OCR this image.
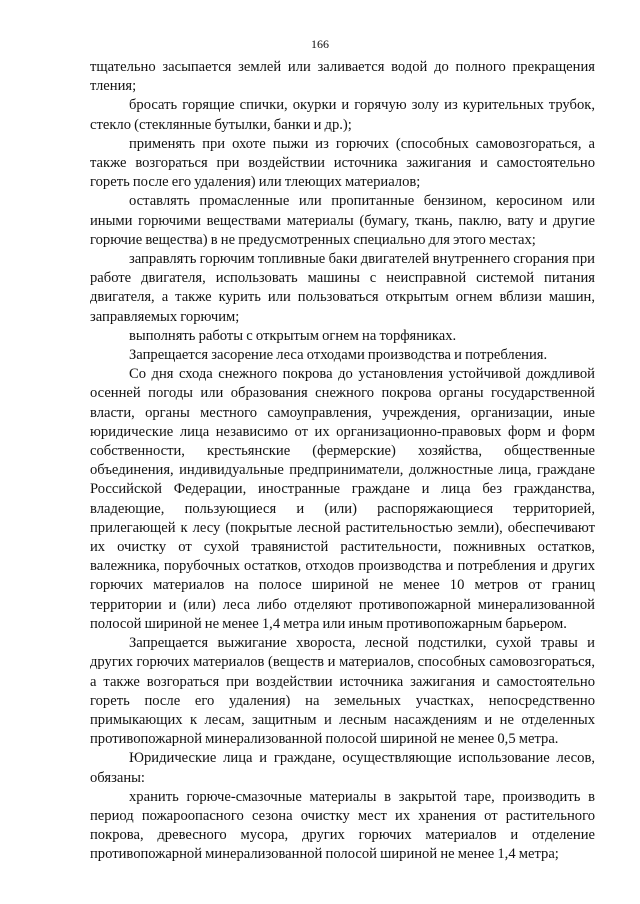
166

тщательно засыпается землей или заливается водой до полного прекращения тления;

бросать горящие спички, окурки и горячую золу из курительных трубок, стекло (стеклянные бутылки, банки и др.);

применять при охоте пыжи из горючих (способных самовозгораться, а также возгораться при воздействии источника зажигания и самостоятельно гореть после его удаления) или тлеющих материалов;

оставлять промасленные или пропитанные бензином, керосином или иными горючими веществами материалы (бумагу, ткань, паклю, вату и другие горючие вещества) в не предусмотренных специально для этого местах;

заправлять горючим топливные баки двигателей внутреннего сгорания при работе двигателя, использовать машины с неисправной системой питания двигателя, а также курить или пользоваться открытым огнем вблизи машин, заправляемых горючим;

выполнять работы с открытым огнем на торфяниках.

Запрещается засорение леса отходами производства и потребления.

Со дня схода снежного покрова до установления устойчивой дождливой осенней погоды или образования снежного покрова органы государственной власти, органы местного самоуправления, учреждения, организации, иные юридические лица независимо от их организационно-правовых форм и форм собственности, крестьянские (фермерские) хозяйства, общественные объединения, индивидуальные предприниматели, должностные лица, граждане Российской Федерации, иностранные граждане и лица без гражданства, владеющие, пользующиеся и (или) распоряжающиеся территорией, прилегающей к лесу (покрытые лесной растительностью земли), обеспечивают их очистку от сухой травянистой растительности, пожнивных остатков, валежника, порубочных остатков, отходов производства и потребления и других горючих материалов на полосе шириной не менее 10 метров от границ территории и (или) леса либо отделяют противопожарной минерализованной полосой шириной не менее 1,4 метра или иным противопожарным барьером.

Запрещается выжигание хвороста, лесной подстилки, сухой травы и других горючих материалов (веществ и материалов, способных самовозгораться, а также возгораться при воздействии источника зажигания и самостоятельно гореть после его удаления) на земельных участках, непосредственно примыкающих к лесам, защитным и лесным насаждениям и не отделенных противопожарной минерализованной полосой шириной не менее 0,5 метра.

Юридические лица и граждане, осуществляющие использование лесов, обязаны:

хранить горюче-смазочные материалы в закрытой таре, производить в период пожароопасного сезона очистку мест их хранения от растительного покрова, древесного мусора, других горючих материалов и отделение противопожарной минерализованной полосой шириной не менее 1,4 метра;
